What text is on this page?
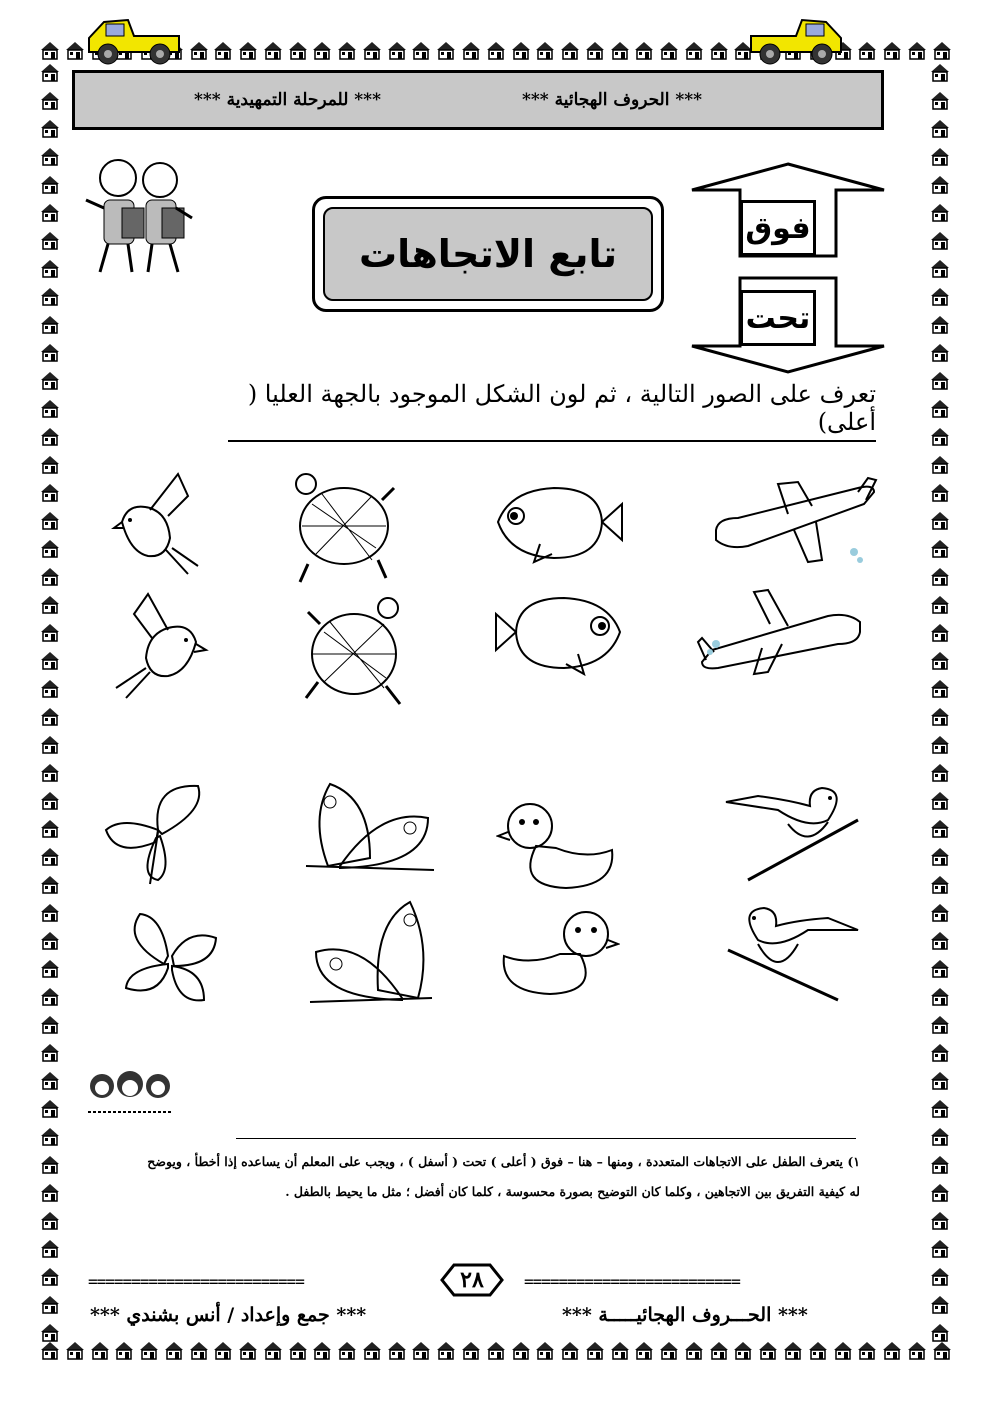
*** للمرحلة التمهيدية ***	*** الحروف الهجائية ***
تابع الاتجاهات
فوق
تحت
تعرف على الصور التالية ، ثم لون الشكل الموجود بالجهة العليا ( أعلى)
١) يتعرف الطفل على الاتجاهات المتعددة ، ومنها – هنا – فوق ( أعلى ) تحت ( أسفل ) ، ويجب على المعلم أن يساعده إذا أخطأ ، ويوضح
له كيفية التفريق بين الاتجاهين ، وكلما كان التوضيح بصورة محسوسة ، كلما كان أفضل ؛ مثل ما يحيط بالطفل .
=========================	=========================
٢٨
*** جمع وإعداد / أنس بشندي ***	*** الحـــروف الهجائيـــــة ***
